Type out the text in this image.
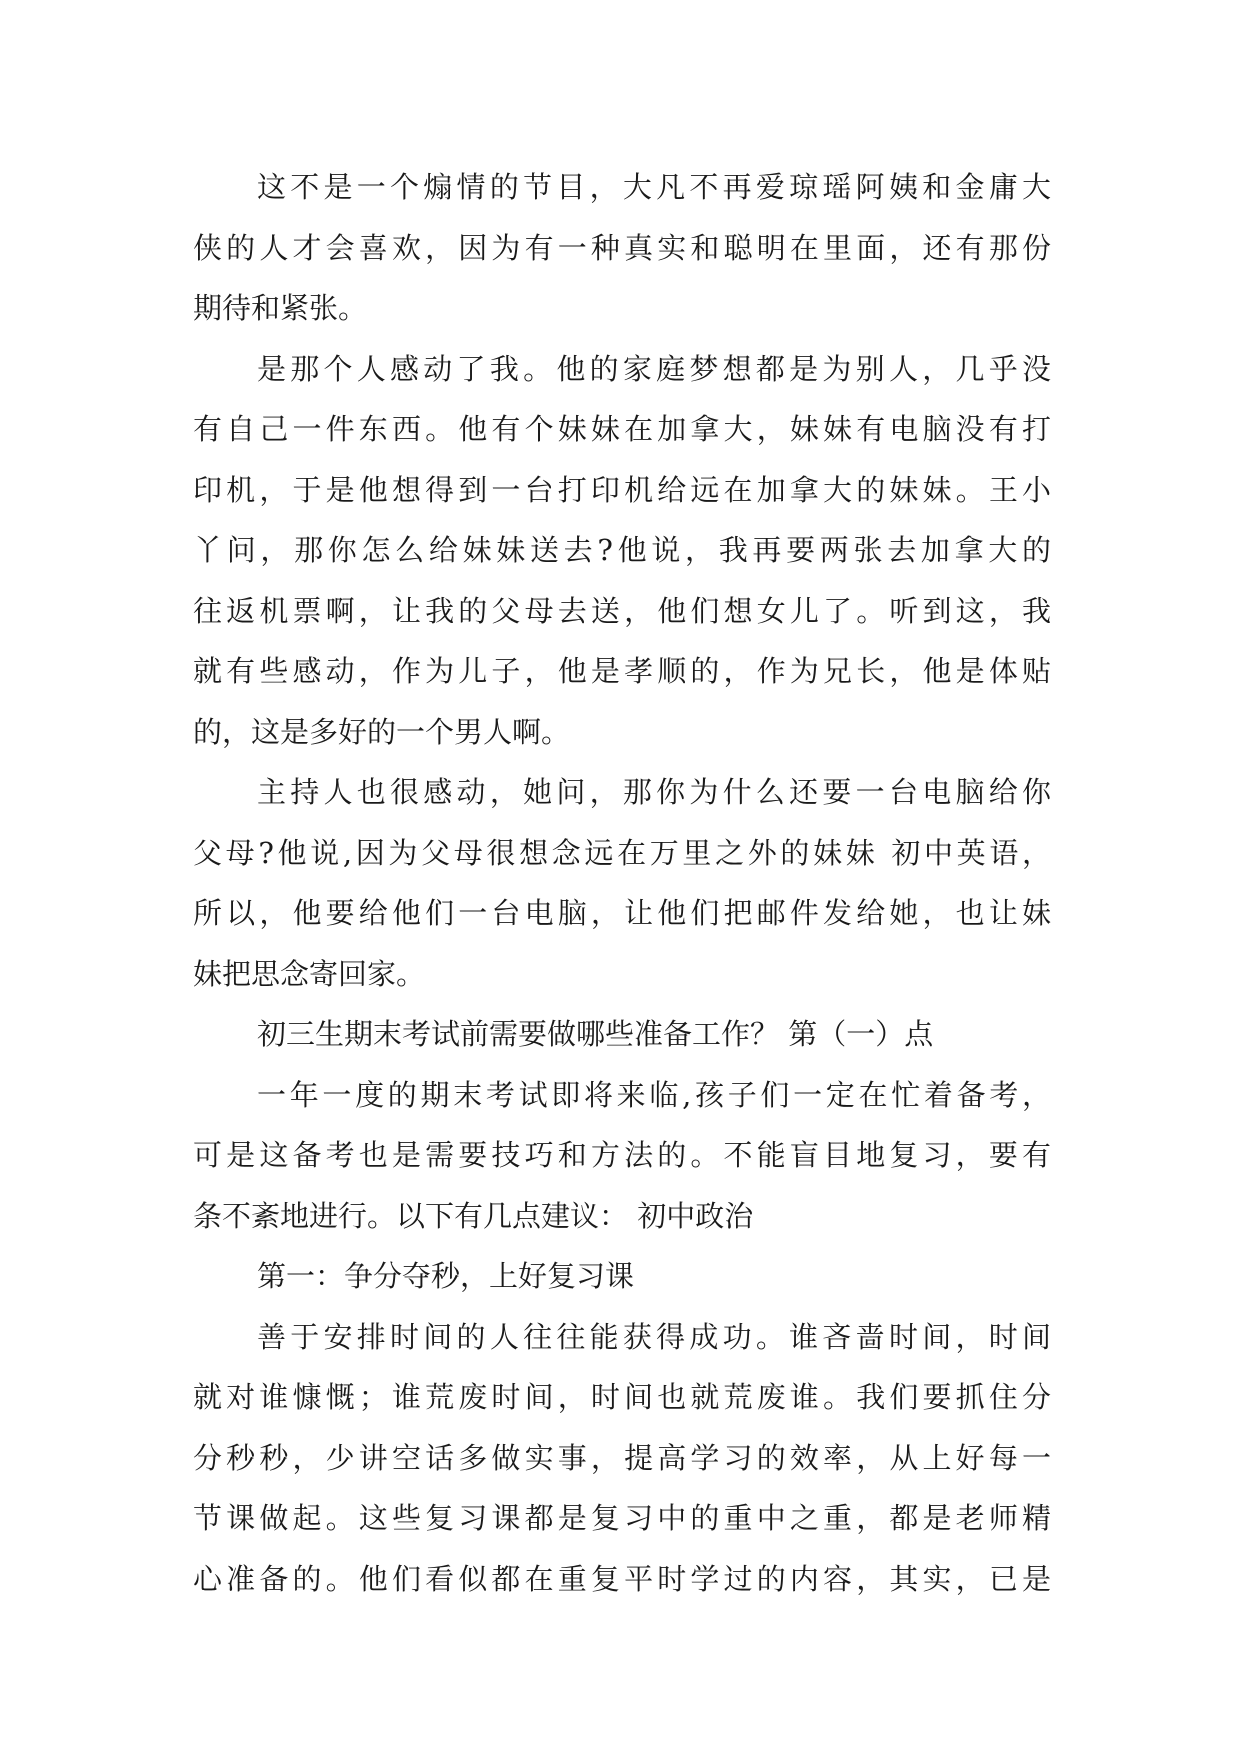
这不是一个煽情的节目，大凡不再爱琼瑶阿姨和金庸大
侠的人才会喜欢，因为有一种真实和聪明在里面，还有那份
期待和紧张。
是那个人感动了我。他的家庭梦想都是为别人，几乎没
有自己一件东西。他有个妹妹在加拿大，妹妹有电脑没有打
印机，于是他想得到一台打印机给远在加拿大的妹妹。王小
丫问，那你怎么给妹妹送去?他说，我再要两张去加拿大的
往返机票啊，让我的父母去送，他们想女儿了。听到这，我
就有些感动，作为儿子，他是孝顺的，作为兄长，他是体贴
的，这是多好的一个男人啊。
主持人也很感动，她问，那你为什么还要一台电脑给你
父母?他说,因为父母很想念远在万里之外的妹妹 初中英语，
所以，他要给他们一台电脑，让他们把邮件发给她，也让妹
妹把思念寄回家。
初三生期末考试前需要做哪些准备工作？ 第（一）点
一年一度的期末考试即将来临,孩子们一定在忙着备考，
可是这备考也是需要技巧和方法的。不能盲目地复习，要有
条不紊地进行。以下有几点建议： 初中政治
第一：争分夺秒，上好复习课
善于安排时间的人往往能获得成功。谁吝啬时间，时间
就对谁慷慨；谁荒废时间，时间也就荒废谁。我们要抓住分
分秒秒，少讲空话多做实事，提高学习的效率，从上好每一
节课做起。这些复习课都是复习中的重中之重，都是老师精
心准备的。他们看似都在重复平时学过的内容，其实，已是
